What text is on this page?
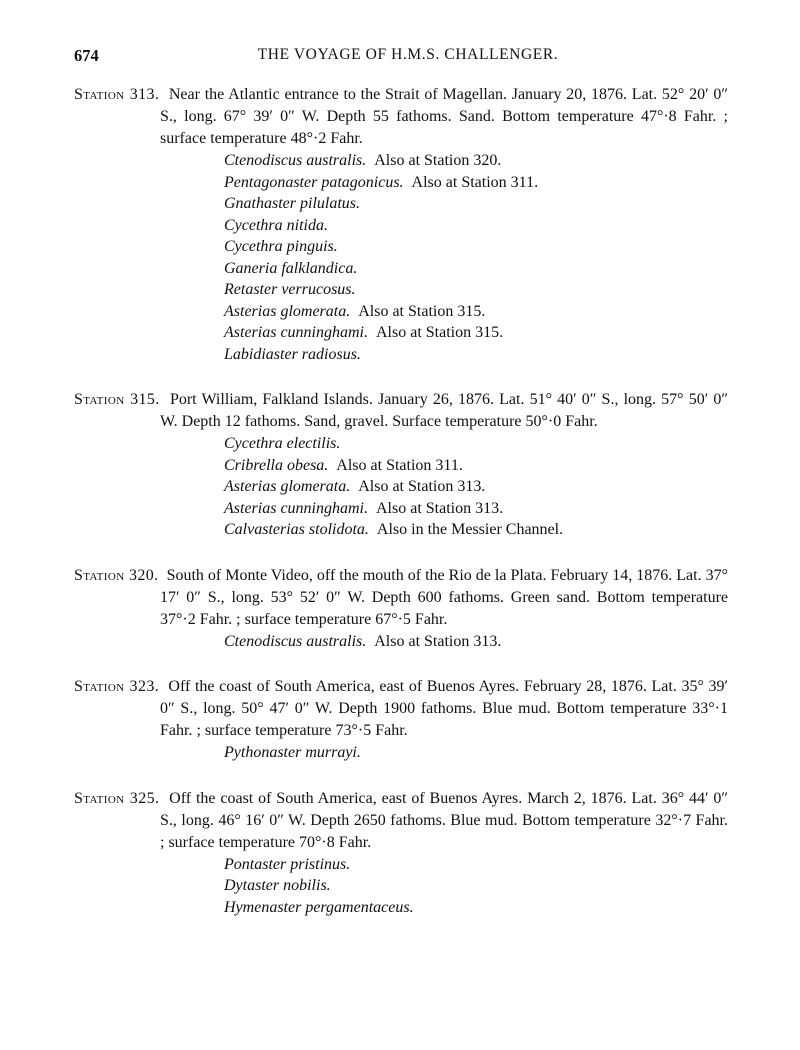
674	THE VOYAGE OF H.M.S. CHALLENGER.
Station 313. Near the Atlantic entrance to the Strait of Magellan. January 20, 1876. Lat. 52° 20′ 0″ S., long. 67° 39′ 0″ W. Depth 55 fathoms. Sand. Bottom temperature 47°·8 Fahr. ; surface temperature 48°·2 Fahr.
Ctenodiscus australis. Also at Station 320.
Pentagonaster patagonicus. Also at Station 311.
Gnathaster pilulatus.
Cycethra nitida.
Cycethra pinguis.
Ganeria falklandica.
Retaster verrucosus.
Asterias glomerata. Also at Station 315.
Asterias cunninghami. Also at Station 315.
Labidiaster radiosus.
Station 315. Port William, Falkland Islands. January 26, 1876. Lat. 51° 40′ 0″ S., long. 57° 50′ 0″ W. Depth 12 fathoms. Sand, gravel. Surface temperature 50°·0 Fahr.
Cycethra electilis.
Cribrella obesa. Also at Station 311.
Asterias glomerata. Also at Station 313.
Asterias cunninghami. Also at Station 313.
Calvasterias stolidota. Also in the Messier Channel.
Station 320. South of Monte Video, off the mouth of the Rio de la Plata. February 14, 1876. Lat. 37° 17′ 0″ S., long. 53° 52′ 0″ W. Depth 600 fathoms. Green sand. Bottom temperature 37°·2 Fahr. ; surface temperature 67°·5 Fahr.
Ctenodiscus australis. Also at Station 313.
Station 323. Off the coast of South America, east of Buenos Ayres. February 28, 1876. Lat. 35° 39′ 0″ S., long. 50° 47′ 0″ W. Depth 1900 fathoms. Blue mud. Bottom temperature 33°·1 Fahr. ; surface temperature 73°·5 Fahr.
Pythonaster murrayi.
Station 325. Off the coast of South America, east of Buenos Ayres. March 2, 1876. Lat. 36° 44′ 0″ S., long. 46° 16′ 0″ W. Depth 2650 fathoms. Blue mud. Bottom temperature 32°·7 Fahr. ; surface temperature 70°·8 Fahr.
Pontaster pristinus.
Dytaster nobilis.
Hymenaster pergamentaceus.
